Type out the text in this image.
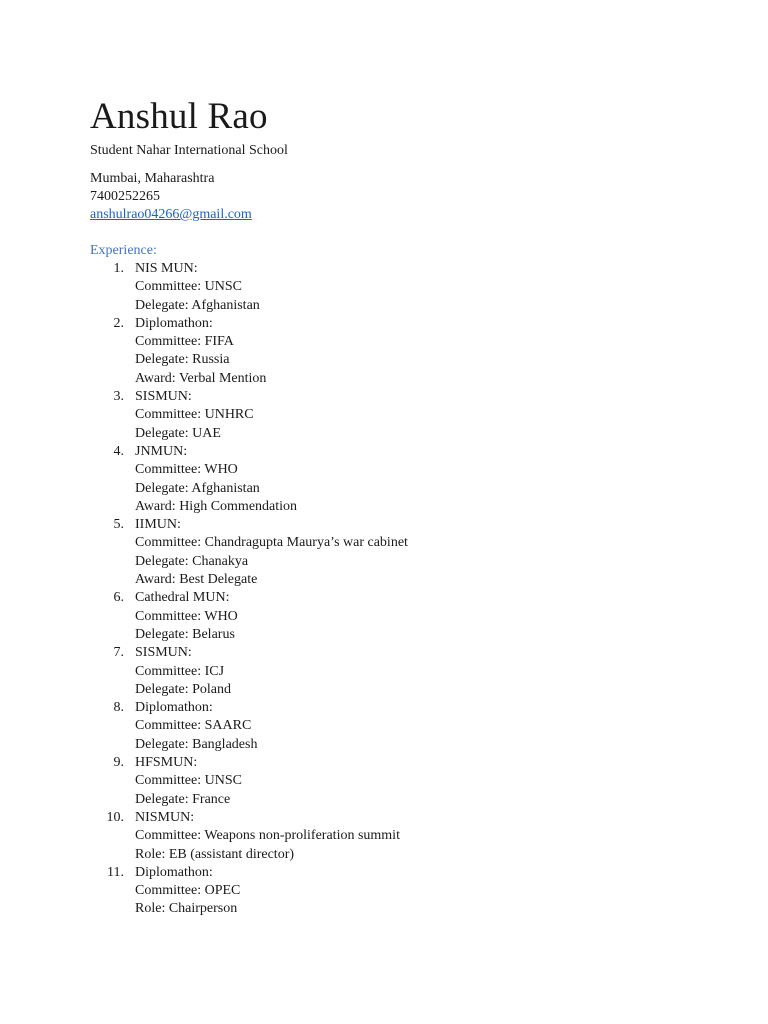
Anshul Rao
Student Nahar International School
Mumbai, Maharashtra
7400252265
anshulrao04266@gmail.com
Experience:
1. NIS MUN:
Committee: UNSC
Delegate: Afghanistan
2. Diplomathon:
Committee: FIFA
Delegate: Russia
Award: Verbal Mention
3. SISMUN:
Committee: UNHRC
Delegate: UAE
4. JNMUN:
Committee: WHO
Delegate: Afghanistan
Award: High Commendation
5. IIMUN:
Committee: Chandragupta Maurya’s war cabinet
Delegate: Chanakya
Award: Best Delegate
6. Cathedral MUN:
Committee: WHO
Delegate: Belarus
7. SISMUN:
Committee: ICJ
Delegate: Poland
8. Diplomathon:
Committee: SAARC
Delegate: Bangladesh
9. HFSMUN:
Committee: UNSC
Delegate: France
10. NISMUN:
Committee: Weapons non-proliferation summit
Role: EB (assistant director)
11. Diplomathon:
Committee: OPEC
Role: Chairperson
